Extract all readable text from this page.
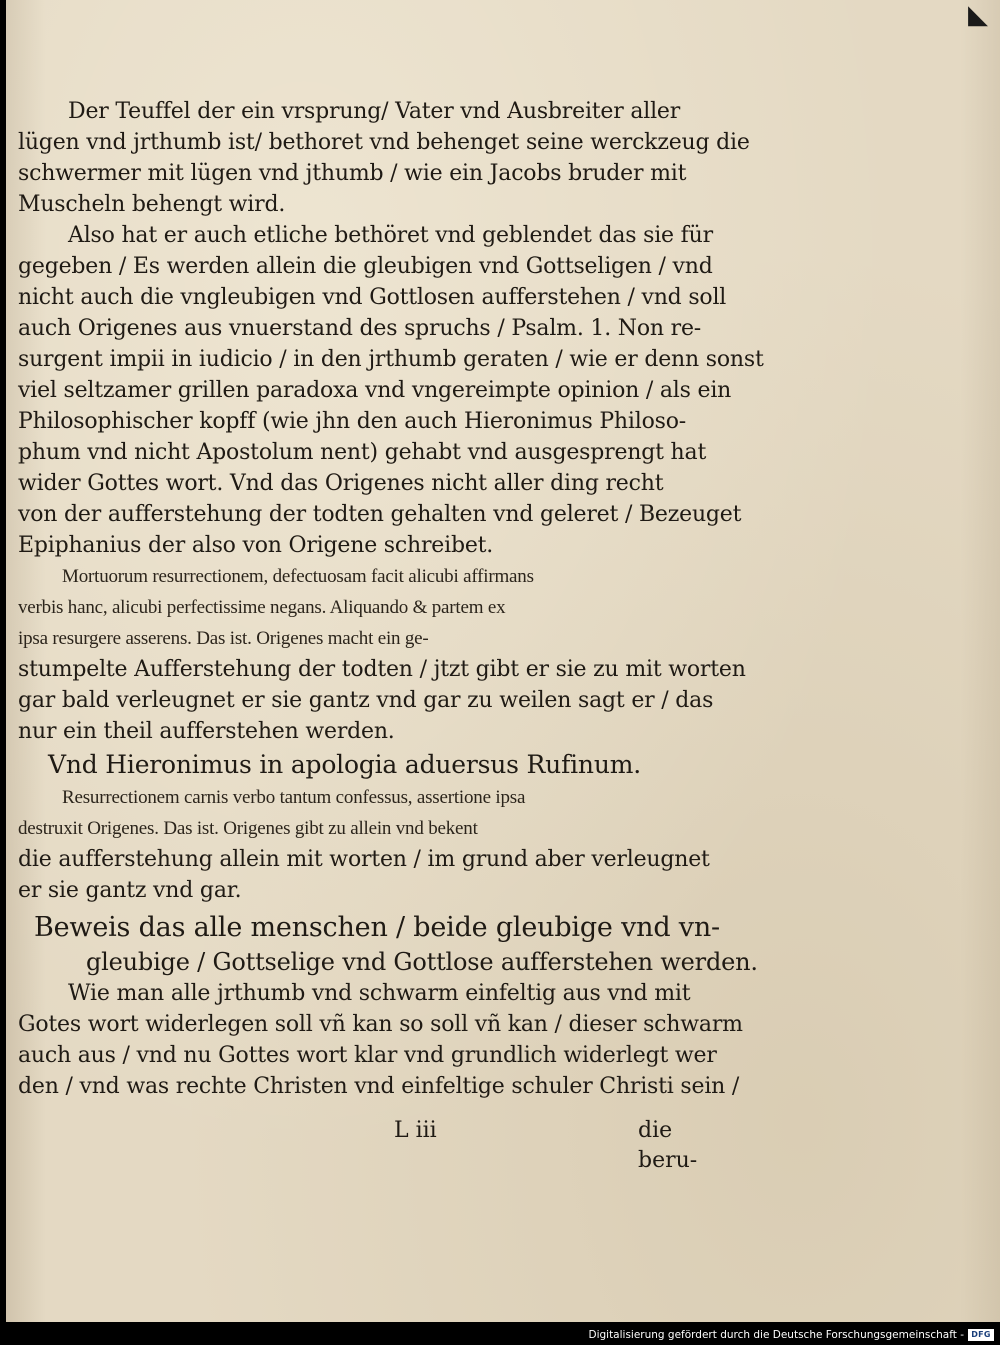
◣
Der Teuffel der ein vrsprung/ Vater vnd Ausbreiter aller
lügen vnd jrthumb ist/ bethoret vnd behenget seine werckzeug die
schwermer mit lügen vnd jthumb / wie ein Jacobs bruder mit
Muscheln behengt wird.
Also hat er auch etliche bethöret vnd geblendet das sie für
gegeben / Es werden allein die gleubigen vnd Gottseligen / vnd
nicht auch die vngleubigen vnd Gottlosen aufferstehen / vnd soll
auch Origenes aus vnuerstand des spruchs / Psalm. 1. Non re-
surgent impii in iudicio / in den jrthumb geraten / wie er denn sonst
viel seltzamer grillen paradoxa vnd vngereimpte opinion / als ein
Philosophischer kopff (wie jhn den auch Hieronimus Philoso-
phum vnd nicht Apostolum nent) gehabt vnd ausgesprengt hat
wider Gottes wort. Vnd das Origenes nicht aller ding recht
von der aufferstehung der todten gehalten vnd geleret / Bezeuget
Epiphanius der also von Origene schreibet.
Mortuorum resurrectionem, defectuosam facit alicubi affirmans
verbis hanc, alicubi perfectissime negans. Aliquando & partem ex
ipsa resurgere asserens. Das ist. Origenes macht ein ge-
stumpelte Aufferstehung der todten / jtzt gibt er sie zu mit worten
gar bald verleugnet er sie gantz vnd gar zu weilen sagt er / das
nur ein theil aufferstehen werden.
Vnd Hieronimus in apologia aduersus Rufinum.
Resurrectionem carnis verbo tantum confessus, assertione ipsa
destruxit Origenes. Das ist. Origenes gibt zu allein vnd bekent
die aufferstehung allein mit worten / im grund aber verleugnet
er sie gantz vnd gar.
Beweis das alle menschen / beide gleubige vnd vn-
gleubige / Gottselige vnd Gottlose aufferstehen werden.
Wie man alle jrthumb vnd schwarm einfeltig aus vnd mit
Gotes wort widerlegen soll vñ kan so soll vñ kan / dieser schwarm
auch aus / vnd nu Gottes wort klar vnd grundlich widerlegt wer
den / vnd was rechte Christen vnd einfeltige schuler Christi sein /
L iii	die beru-
Digitalisierung gefördert durch die Deutsche Forschungsgemeinschaft - DFG
